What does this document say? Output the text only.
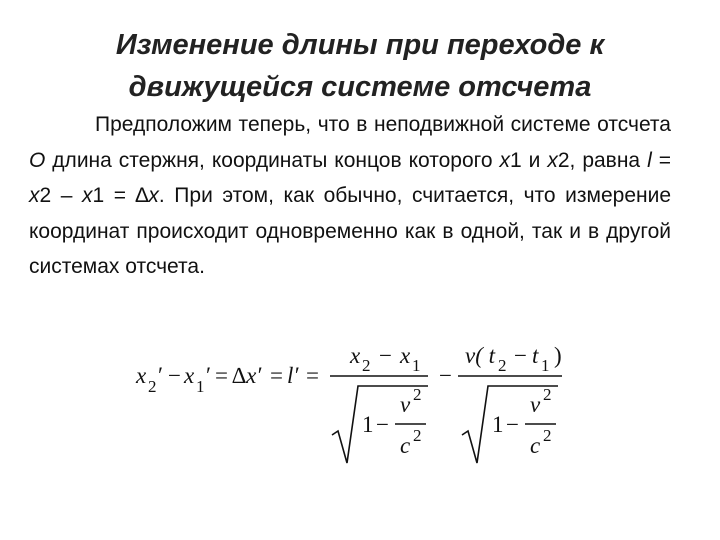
Изменение длины при переходе к
движущейся системе отсчета

Предположим теперь, что в неподвижной системе отсчета O длина стержня, координаты концов которого x1 и x2, равна l = x2 – x1 = ∆x. При этом, как обычно, считается, что измерение координат происходит одновременно как в одной, так и в другой системах отсчета.

x 2 ′ − x 1 ′ = ∆x′ = l′ =
x 2 − x 1
1 −
v 2
c 2
−
v( t 2 − t 1 )
1 −
v 2
c 2
